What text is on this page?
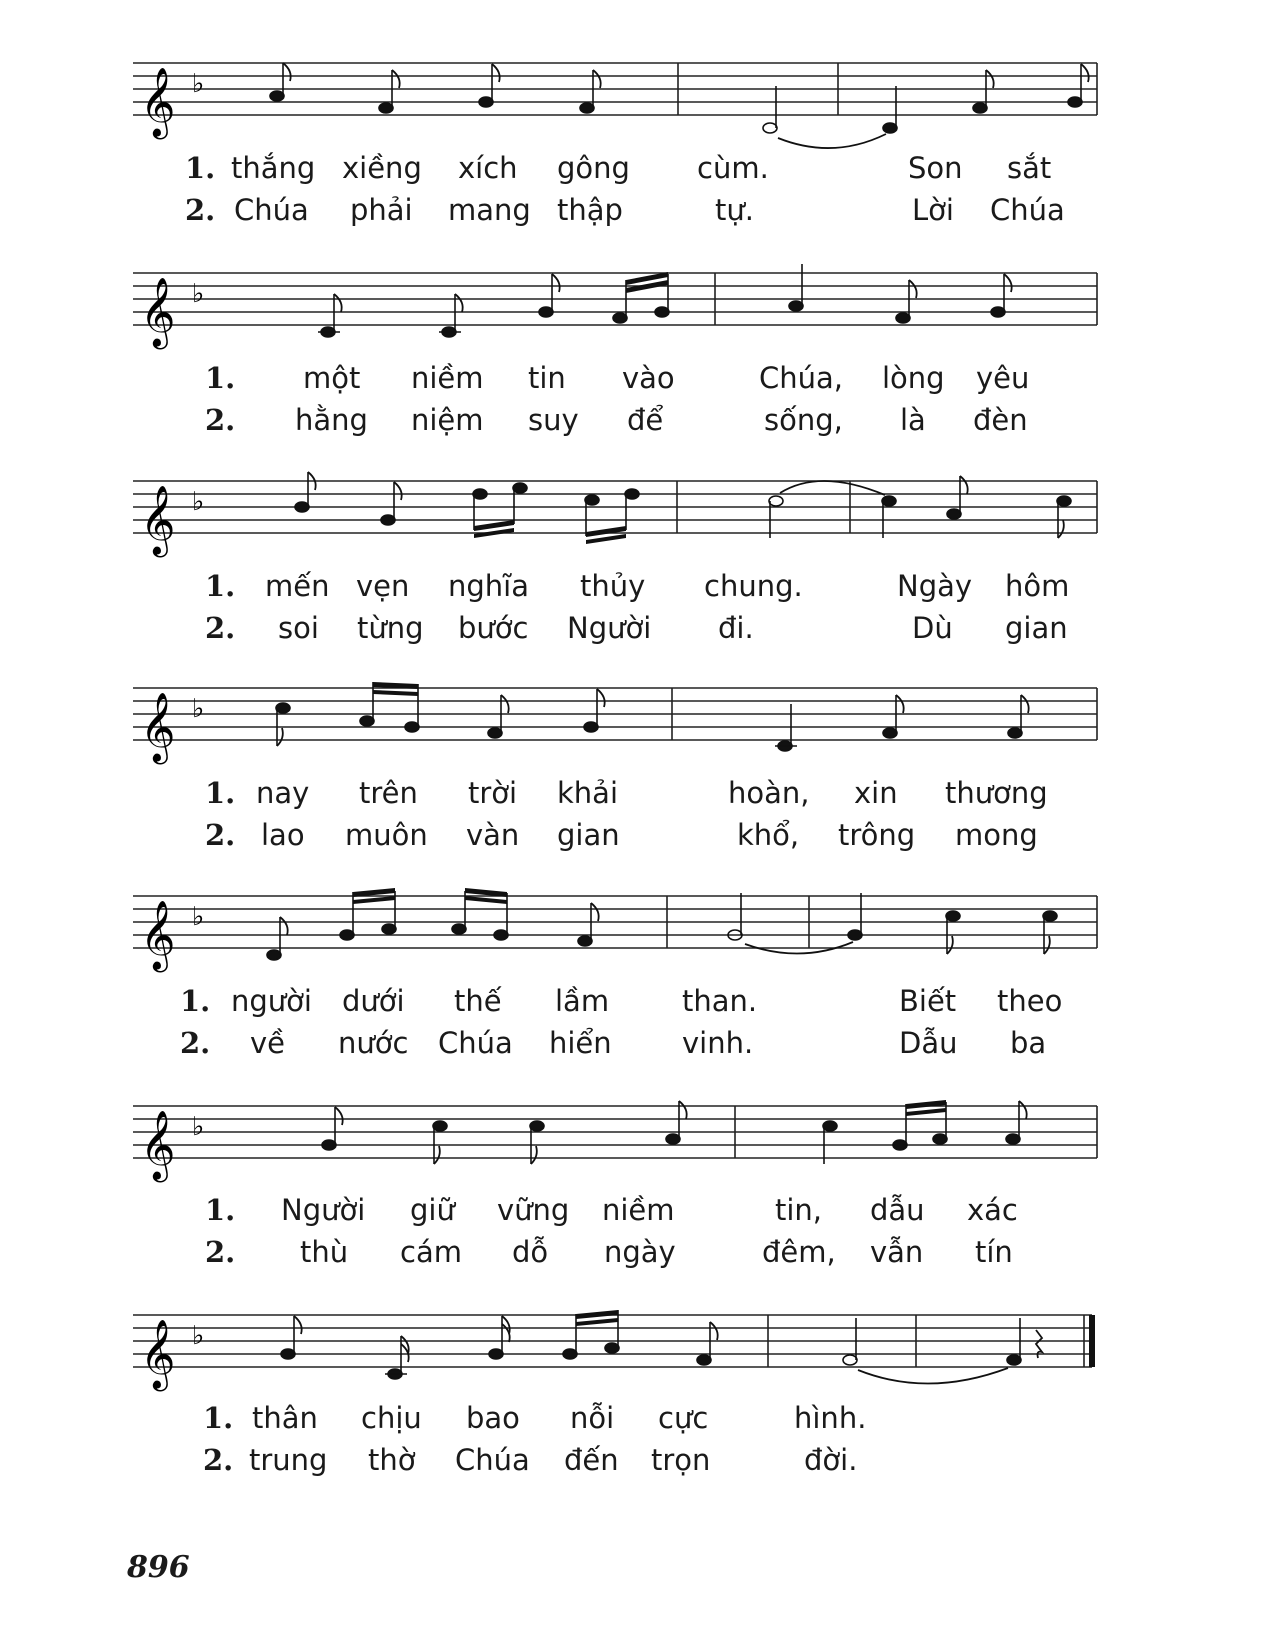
𝄞 ♭
1. thắng xiềng xích gông cùm.	Son sắt
2. Chúa phải mang thập	tự.	Lời Chúa
𝄞 ♭
1. một niềm tin vào	Chúa, lòng yêu
2. hằng niệm suy để	sống, là đèn
𝄞 ♭
1. mến vẹn nghĩa thủy chung.	Ngày hôm
2. soi từng bước Người đi.	Dù gian
𝄞 ♭
1. nay trên trời khải	hoàn, xin thương
2. lao muôn vàn gian	khổ, trông mong
𝄞 ♭
1. người dưới thế lầm	than.	Biết theo
2. về nước Chúa hiển vinh.	Dẫu ba
𝄞 ♭
1. Người giữ vững niềm	tin, dẫu xác
2. thù cám dỗ ngày	đêm, vẫn tín
𝄞 ♭
1. thân chịu bao nỗi cực	hình.
2. trung thờ Chúa đến trọn	đời.
896
